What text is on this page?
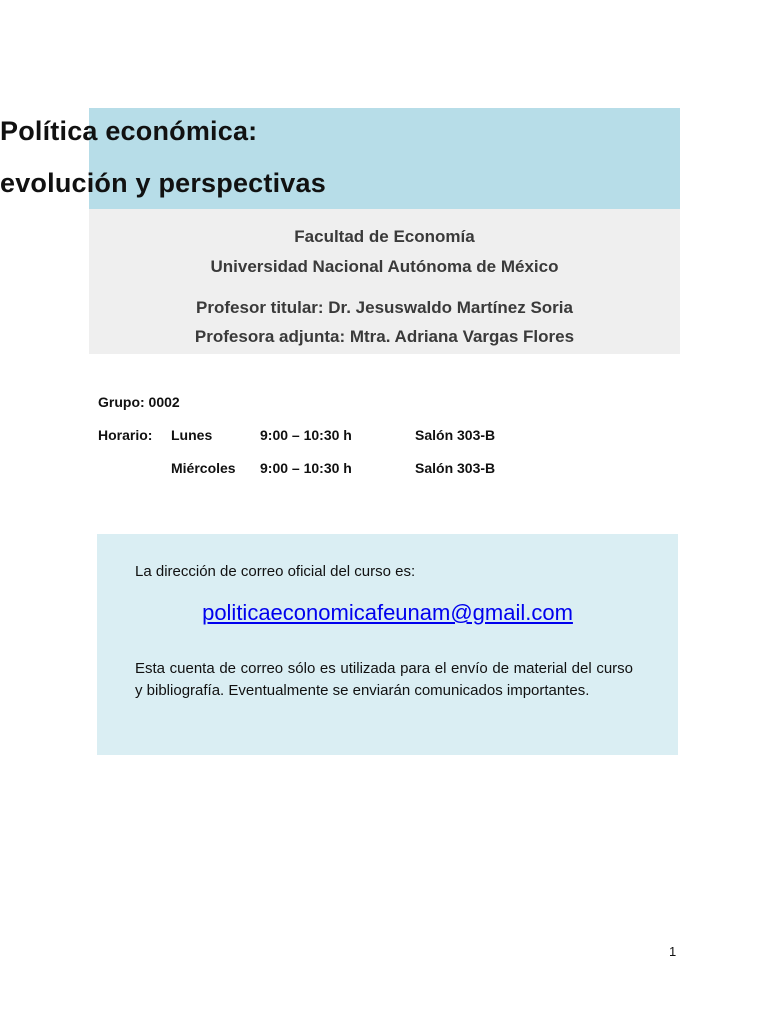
Política económica:
evolución y perspectivas
Facultad de Economía
Universidad Nacional Autónoma de México
Profesor titular: Dr. Jesuswaldo Martínez Soria
Profesora adjunta: Mtra. Adriana Vargas Flores
Grupo: 0002
Horario: Lunes	9:00 – 10:30 h	Salón 303-B
Miércoles 9:00 – 10:30 h	Salón 303-B
La dirección de correo oficial del curso es:
politicaeconomicafeunam@gmail.com
Esta cuenta de correo sólo es utilizada para el envío de material del curso y bibliografía. Eventualmente se enviarán comunicados importantes.
1
